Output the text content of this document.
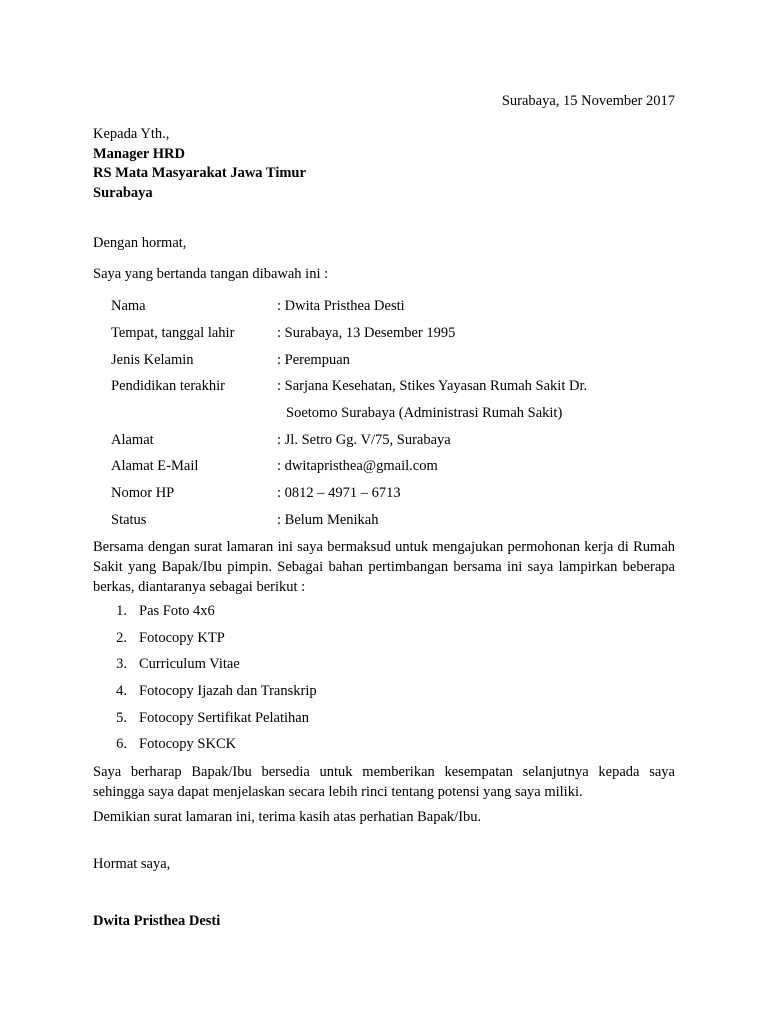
Surabaya, 15 November 2017
Kepada Yth.,
Manager HRD
RS Mata Masyarakat Jawa Timur
Surabaya
Dengan hormat,
Saya yang bertanda tangan dibawah ini :
Nama	: Dwita Pristhea Desti
Tempat, tanggal lahir	: Surabaya, 13 Desember 1995
Jenis Kelamin	: Perempuan
Pendidikan terakhir	: Sarjana Kesehatan, Stikes Yayasan Rumah Sakit Dr.
Soetomo Surabaya (Administrasi Rumah Sakit)
Alamat	: Jl. Setro Gg. V/75, Surabaya
Alamat E-Mail	: dwitapristhea@gmail.com
Nomor HP	: 0812 – 4971 – 6713
Status	: Belum Menikah
Bersama dengan surat lamaran ini saya bermaksud untuk mengajukan permohonan kerja di Rumah Sakit yang Bapak/Ibu pimpin. Sebagai bahan pertimbangan bersama ini saya lampirkan beberapa berkas, diantaranya sebagai berikut :
1. Pas Foto 4x6
2. Fotocopy KTP
3. Curriculum Vitae
4. Fotocopy Ijazah dan Transkrip
5. Fotocopy Sertifikat Pelatihan
6. Fotocopy SKCK
Saya berharap Bapak/Ibu bersedia untuk memberikan kesempatan selanjutnya kepada saya sehingga saya dapat menjelaskan secara lebih rinci tentang potensi yang saya miliki.
Demikian surat lamaran ini, terima kasih atas perhatian Bapak/Ibu.
Hormat saya,
Dwita Pristhea Desti
